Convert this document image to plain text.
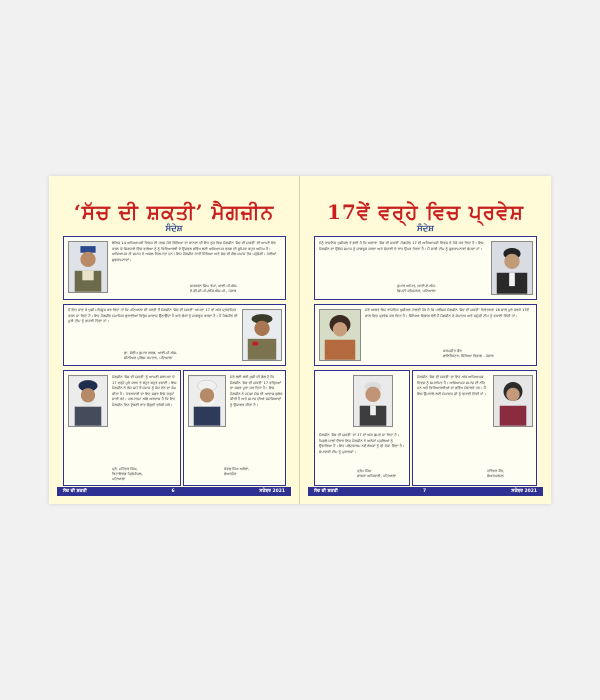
‘ਸੱਚ ਦੀ ਸ਼ਕਤੀ’ ਮੈਗਜ਼ੀਨ
ਸੰਦੇਸ਼
ਬੇਲਿਕ 14 ਅਧਿਆਪਕੀ ਦਿਵਸ ਦੀ ਹਰਸ ਮੌਕੇ ਸਿੱਖਿਆ ਦਾ ਚਾਨਣਾ ਦੀ ਇਹ ਨੁਕ ਵਿਚ ਮੈਗਜ਼ੀਨ 'ਸੱਚ ਦੀ ਸ਼ਕਤੀ' ਦੀ ਆਪਣੇ ਵੱਲ ਕਰਨ ਕੇ ਸਿਰਜਾਏ ਵਿੱਚ ਵਾਲੇਆ ਨੂੰ ਨੂੰ ਵਿਦਿਆਰਥੀ ਦੇ ਉਜਵਲ ਭਵਿੱਖ ਲਈ ਅਧਿਆਪਕ ਵਰਗ ਦੀ ਭੂਮਿਕਾ ਬਹੁਤ ਅਹਿਮ ਹੈ। ਅਧਿਆਪਕ ਹੀ ਸਮਾਜ ਦੇ ਅਸਲ ਨਿਰਮਾਤਾ ਹਨ। ਇਸ ਮੈਗਜ਼ੀਨ ਰਾਹੀਂ ਸਿੱਖਿਆ ਅਤੇ ਸੱਚ ਦੀ ਗੱਲ ਸਮਾਜ ਤੱਕ ਪਹੁੰਚੇਗੀ। ਮੇਰੀਆਂ ਸ਼ੁਭਕਾਮਨਾਵਾਂ।
ਜਸਕਰਨ ਸਿੰਘ ਤੇਜਾ, ਆਈ.ਪੀ.ਐਸ.
ਏ.ਡੀ.ਜੀ.ਪੀ./ਐੱਸ.ਐਸ.ਪੀ., ਪੰਜਾਬ
ਮੈਂ ਇਹ ਜਾਣ ਕੇ ਖੁਸ਼ੀ ਮਹਿਸੂਸ ਕਰ ਰਿਹਾ ਹਾਂ ਕਿ ਪਟਿਆਲਾ ਦੀ ਧਰਤੀ ਤੋਂ ਮੈਗਜ਼ੀਨ 'ਸੱਚ ਦੀ ਸ਼ਕਤੀ' ਆਪਣਾ 17 ਵਾਂ ਅੰਕ ਪ੍ਰਕਾਸ਼ਿਤ ਕਰਨ ਜਾ ਰਿਹਾ ਹੈ। ਇਹ ਮੈਗਜ਼ੀਨ ਸਮਾਜਿਕ ਬੁਰਾਈਆਂ ਵਿਰੁੱਧ ਆਵਾਜ਼ ਉਠਾਉਂਦਾ ਹੈ ਅਤੇ ਲੋਕਾਂ ਨੂੰ ਜਾਗਰੂਕ ਕਰਦਾ ਹੈ। ਮੈਂ ਮੈਗਜ਼ੀਨ ਦੀ ਪੂਰੀ ਟੀਮ ਨੂੰ ਵਧਾਈ ਦਿੰਦਾ ਹਾਂ।
ਡਾ. ਸੰਦੀਪ ਕੁਮਾਰ ਗਰਗ, ਆਈ.ਪੀ.ਐਸ.
ਸੀਨੀਅਰ ਪੁਲਿਸ ਕਪਤਾਨ, ਪਟਿਆਲਾ
ਮੈਗਜ਼ੀਨ 'ਸੱਚ ਦੀ ਸ਼ਕਤੀ' ਨੂੰ ਆਪਣੀ ਸਥਾਪਨਾ ਦੇ 17 ਵਰ੍ਹੇ ਪੂਰੇ ਕਰਨ ਤੇ ਬਹੁਤ ਬਹੁਤ ਵਧਾਈ। ਇਸ ਮੈਗਜ਼ੀਨ ਨੇ ਲੰਮੇ ਸਮੇਂ ਤੋਂ ਸਮਾਜ ਨੂੰ ਸੇਧ ਦੇਣ ਦਾ ਕੰਮ ਕੀਤਾ ਹੈ। ਪੱਤਰਕਾਰੀ ਦਾ ਇਹ ਸਫ਼ਰ ਇਸੇ ਤਰ੍ਹਾਂ ਜਾਰੀ ਰਹੇ। ਪਰਮਾਤਮਾ ਅੱਗੇ ਅਰਦਾਸ ਹੈ ਕਿ ਇਹ ਮੈਗਜ਼ੀਨ ਦਿਨ ਦੁੱਗਣੀ ਰਾਤ ਚੌਗੁਣੀ ਤਰੱਕੀ ਕਰੇ।
ਪ੍ਰੋ. ਮਹਿੰਦਰ ਸਿੰਘ,
ਰਿਟਾਇਰਡ ਪ੍ਰਿੰਸੀਪਲ,
ਪਟਿਆਲਾ
ਮੇਰੇ ਲਈ ਬੜੀ ਖੁਸ਼ੀ ਦੀ ਗੱਲ ਹੈ ਕਿ ਮੈਗਜ਼ੀਨ 'ਸੱਚ ਦੀ ਸ਼ਕਤੀ' 17 ਵਰ੍ਹਿਆਂ ਦਾ ਸਫ਼ਰ ਪੂਰਾ ਕਰ ਰਿਹਾ ਹੈ। ਇਸ ਮੈਗਜ਼ੀਨ ਨੇ ਹਮੇਸ਼ਾ ਸੱਚ ਦੀ ਆਵਾਜ਼ ਬੁਲੰਦ ਕੀਤੀ ਹੈ ਅਤੇ ਸਮਾਜ ਦੀਆਂ ਸਮੱਸਿਆਵਾਂ ਨੂੰ ਉਜਾਗਰ ਕੀਤਾ ਹੈ।
ਕੇਵਲ ਸਿੰਘ ਅਰੋੜਾ,
ਚੇਅਰਮੈਨ
ਸੱਚ ਦੀ ਸ਼ਕਤੀ	6	ਸਤੰਬਰ 2021
17ਵੇਂ ਵਰ੍ਹੇ ਵਿਚ ਪ੍ਰਵੇਸ਼
ਸੰਦੇਸ਼
ਮੈਨੂੰ ਰਾਜਨਿਕ ਖੁਸ਼ੀਕਲ ਤੇ ਗਈ ਹੈ ਕਿ ਅਦਾਰਾ 'ਸੱਚ ਦੀ ਸ਼ਕਤੀ' ਮੈਗਜ਼ੀਨ 17 ਵੀ ਅਧਿਆਪਕੀ ਦਿਵਸ ਦੇ ਮੌਕੇ ਕਰ ਰਿਹਾ ਹੈ। ਇਸ ਮੈਗਜ਼ੀਨ ਦਾ ਉਦੇਸ਼ ਸਮਾਜ ਨੂੰ ਜਾਗਰੂਕ ਕਰਨਾ ਅਤੇ ਸੱਚਾਈ ਦੇ ਰਾਹ ਉਪਰ ਤੋਰਨਾ ਹੈ। ਮੈਂ ਸਾਰੀ ਟੀਮ ਨੂੰ ਸ਼ੁਭਕਾਮਨਾਵਾਂ ਭੇਜਦਾ ਹਾਂ।
ਕੁਮਾਰ ਅਮਿਤ, ਆਈ.ਏ.ਐਸ.
ਡਿਪਟੀ ਕਮਿਸ਼ਨਰ, ਪਟਿਆਲਾ
ਮੇਰੇ ਆਲਤ ਬਿਹ ਰਾਜਨਿਕ ਖੁਸ਼ੀਕਲ ਹਾਲਤੀ ਹੋਰ ਹੈ ਕਿ ਪਰੀਸ਼ਕ ਮੈਗਜ਼ੀਨ 'ਸੱਚ ਦੀ ਸ਼ਕਤੀ' ਨਿਰੰਤਰਤਾ 16 ਸਾਲ ਪੂਰੇ ਕਰਕੇ 17ਵੇਂ ਸਾਲ ਵਿਚ ਪ੍ਰਵੇਸ਼ ਕਰ ਰਿਹਾ ਹੈ। ਸਿੱਖਿਆ ਵਿਭਾਗ ਵੱਲੋਂ ਮੈਂ ਮੈਗਜ਼ੀਨ ਦੇ ਸੰਪਾਦਕ ਅਤੇ ਸਮੁੱਚੀ ਟੀਮ ਨੂੰ ਵਧਾਈ ਦਿੰਦੀ ਹਾਂ।
ਕਰਮਜੀਤ ਕੌਰ
ਡਾਇਰੈਕਟਰ, ਸਿੱਖਿਆ ਵਿਭਾਗ - ਪੰਜਾਬ
ਮੈਗਜ਼ੀਨ 'ਸੱਚ ਦੀ ਸ਼ਕਤੀ' ਦਾ 17 ਵਾਂ ਅੰਕ ਛਪਣ ਜਾ ਰਿਹਾ ਹੈ। ਪਿਛਲੇ ਸਾਲਾਂ ਦੌਰਾਨ ਇਸ ਮੈਗਜ਼ੀਨ ਨੇ ਅਨੇਕਾਂ ਮਸਲਿਆਂ ਨੂੰ ਉਭਾਰਿਆ ਹੈ। ਇਹ ਪਲੇਟਫਾਰਮ ਨਵੇਂ ਲੇਖਕਾਂ ਨੂੰ ਵੀ ਮੌਕਾ ਦਿੰਦਾ ਹੈ। ਸੰਪਾਦਕੀ ਟੀਮ ਨੂੰ ਮੁਬਾਰਕਾਂ।
ਪ੍ਰੇਮ ਸਿੰਘ
ਸਾਬਕਾ ਅਧਿਕਾਰੀ, ਪਟਿਆਲਾ
ਮੈਗਜ਼ੀਨ 'ਸੱਚ ਦੀ ਸ਼ਕਤੀ' ਦਾ ਇਹ ਅੰਕ ਅਧਿਆਪਕ ਦਿਵਸ ਨੂੰ ਸਮਰਪਿਤ ਹੈ। ਅਧਿਆਪਕ ਸਮਾਜ ਦੀ ਨੀਂਹ ਹਨ ਅਤੇ ਵਿਦਿਆਰਥੀਆਂ ਦਾ ਭਵਿੱਖ ਸੰਵਾਰਦੇ ਹਨ। ਮੈਂ ਇਸ ਉਪਰਾਲੇ ਲਈ ਸੰਪਾਦਕ ਜੀ ਨੂੰ ਵਧਾਈ ਦਿੰਦੀ ਹਾਂ।
ਹਰਿੰਦਰ ਕੌਰ,
ਚੇਅਰਪਰਸਨ
ਸੱਚ ਦੀ ਸ਼ਕਤੀ	7	ਸਤੰਬਰ 2021
